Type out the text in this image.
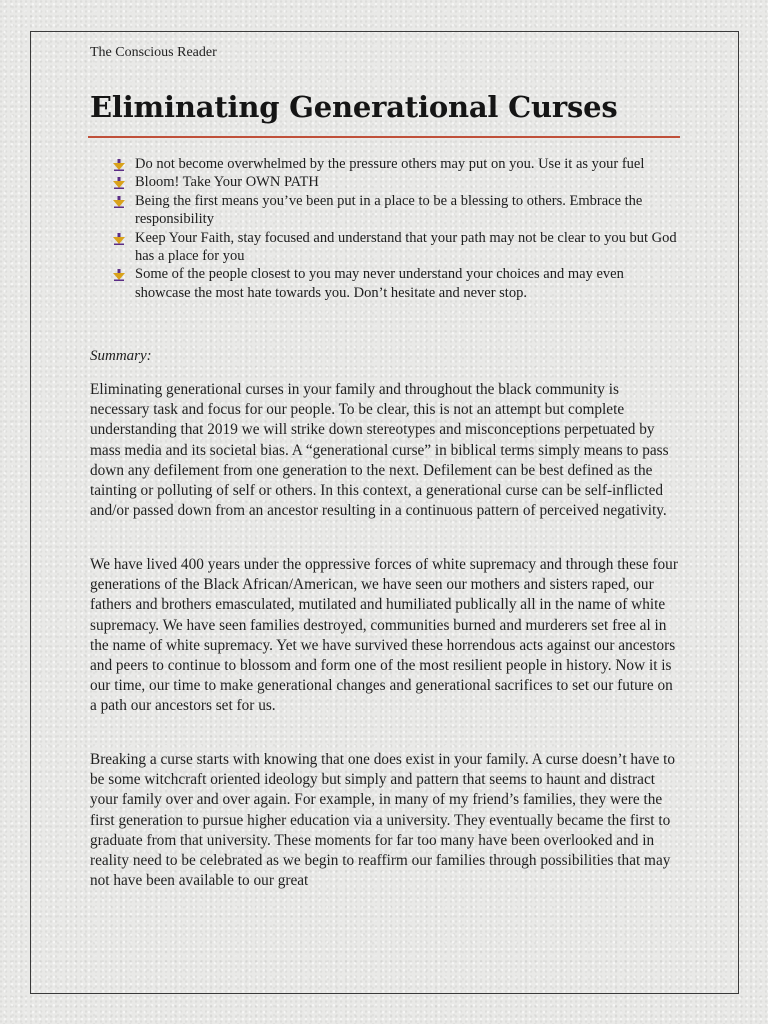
The Conscious Reader
Eliminating Generational Curses
Do not become overwhelmed by the pressure others may put on you. Use it as your fuel
Bloom! Take Your OWN PATH
Being the first means you’ve been put in a place to be a blessing to others. Embrace the responsibility
Keep Your Faith, stay focused and understand that your path may not be clear to you but God has a place for you
Some of the people closest to you may never understand your choices and may even showcase the most hate towards you. Don’t hesitate and never stop.

Summary:

Eliminating generational curses in your family and throughout the black community is necessary task and focus for our people. To be clear, this is not an attempt but complete understanding that 2019 we will strike down stereotypes and misconceptions perpetuated by mass media and its societal bias. A “generational curse” in biblical terms simply means to pass down any defilement from one generation to the next. Defilement can be best defined as the tainting or polluting of self or others. In this context, a generational curse can be self-inflicted and/or passed down from an ancestor resulting in a continuous pattern of perceived negativity.

We have lived 400 years under the oppressive forces of white supremacy and through these four generations of the Black African/American, we have seen our mothers and sisters raped, our fathers and brothers emasculated, mutilated and humiliated publically all in the name of white supremacy. We have seen families destroyed, communities burned and murderers set free al in the name of white supremacy. Yet we have survived these horrendous acts against our ancestors and peers to continue to blossom and form one of the most resilient people in history. Now it is our time, our time to make generational changes and generational sacrifices to set our future on a path our ancestors set for us.

Breaking a curse starts with knowing that one does exist in your family. A curse doesn’t have to be some witchcraft oriented ideology but simply and pattern that seems to haunt and distract your family over and over again. For example, in many of my friend’s families, they were the first generation to pursue higher education via a university. They eventually became the first to graduate from that university. These moments for far too many have been overlooked and in reality need to be celebrated as we begin to reaffirm our families through possibilities that may not have been available to our great
